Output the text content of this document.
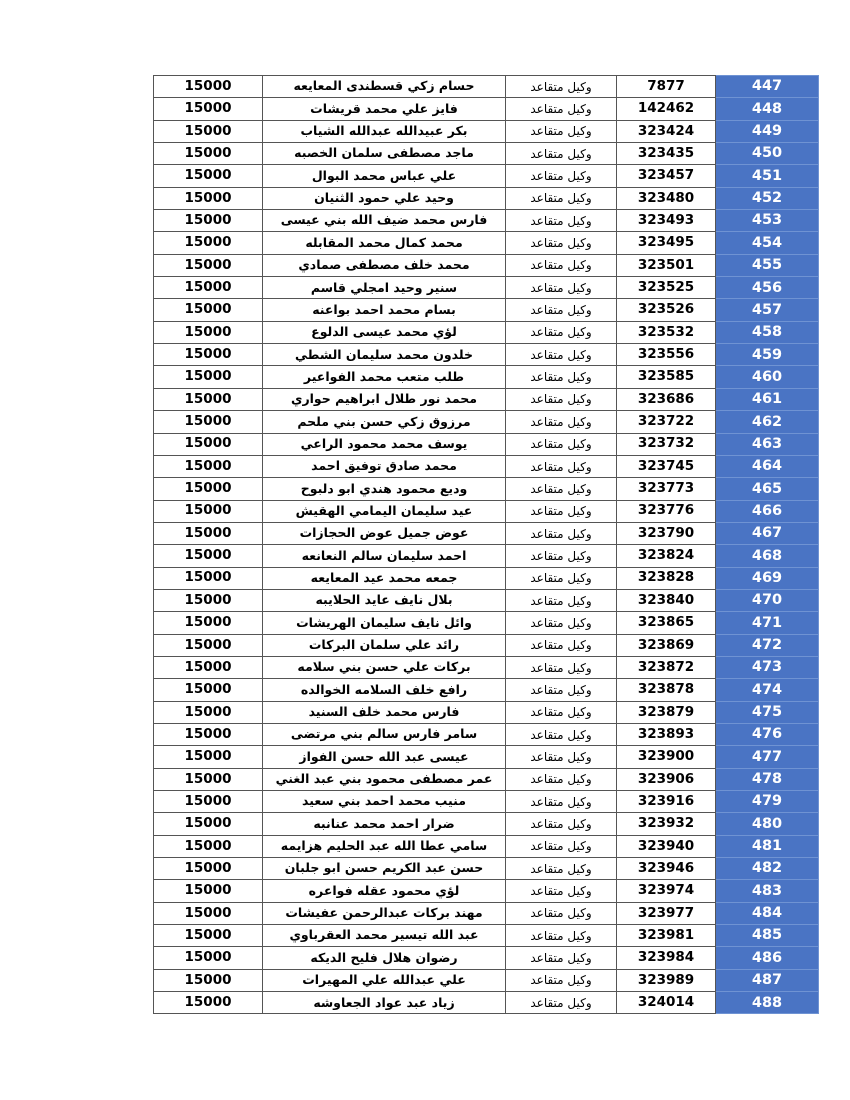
15000	حسام زكي قسطندى المعايعه	وكيل متقاعد	7877	447
15000	فايز علي محمد قريشات	وكيل متقاعد	142462	448
15000	بكر عبيدالله عبدالله الشياب	وكيل متقاعد	323424	449
15000	ماجد مصطفى سلمان الخصبه	وكيل متقاعد	323435	450
15000	علي عباس محمد البوال	وكيل متقاعد	323457	451
15000	وحيد علي حمود الثنيان	وكيل متقاعد	323480	452
15000	فارس محمد ضيف الله بني عيسى	وكيل متقاعد	323493	453
15000	محمد كمال محمد المقابله	وكيل متقاعد	323495	454
15000	محمد خلف مصطفى صمادي	وكيل متقاعد	323501	455
15000	سنير وحيد امجلي قاسم	وكيل متقاعد	323525	456
15000	بسام محمد احمد بواعنه	وكيل متقاعد	323526	457
15000	لؤي محمد عيسى الدلوع	وكيل متقاعد	323532	458
15000	خلدون محمد سليمان الشطي	وكيل متقاعد	323556	459
15000	طلب متعب محمد الفواعير	وكيل متقاعد	323585	460
15000	محمد نور طلال ابراهيم حواري	وكيل متقاعد	323686	461
15000	مرزوق زكي حسن بني ملحم	وكيل متقاعد	323722	462
15000	يوسف محمد محمود الراعي	وكيل متقاعد	323732	463
15000	محمد صادق توفيق احمد	وكيل متقاعد	323745	464
15000	وديع محمود هندي ابو دلبوح	وكيل متقاعد	323773	465
15000	عيد سليمان اليمامي الهقيش	وكيل متقاعد	323776	466
15000	عوض جميل عوض الحجازات	وكيل متقاعد	323790	467
15000	احمد سليمان سالم النعانعه	وكيل متقاعد	323824	468
15000	جمعه محمد عيد المعايعه	وكيل متقاعد	323828	469
15000	بلال نايف عايد الحلايبه	وكيل متقاعد	323840	470
15000	وائل نايف سليمان الهريشات	وكيل متقاعد	323865	471
15000	رائد علي سلمان البركات	وكيل متقاعد	323869	472
15000	بركات علي حسن بني سلامه	وكيل متقاعد	323872	473
15000	رافع خلف السلامه الخوالده	وكيل متقاعد	323878	474
15000	فارس محمد خلف السنيد	وكيل متقاعد	323879	475
15000	سامر فارس سالم بني مرتضى	وكيل متقاعد	323893	476
15000	عيسى عبد الله حسن الفواز	وكيل متقاعد	323900	477
15000	عمر مصطفى محمود بني عبد الغني	وكيل متقاعد	323906	478
15000	منيب محمد احمد بني سعيد	وكيل متقاعد	323916	479
15000	ضرار احمد محمد عنانبه	وكيل متقاعد	323932	480
15000	سامي عطا الله عبد الحليم هزايمه	وكيل متقاعد	323940	481
15000	حسن عبد الكريم حسن ابو جلبان	وكيل متقاعد	323946	482
15000	لؤي محمود عقله فواعره	وكيل متقاعد	323974	483
15000	مهند بركات عبدالرحمن عفيشات	وكيل متقاعد	323977	484
15000	عبد الله تيسير محمد العقرباوي	وكيل متقاعد	323981	485
15000	رضوان هلال فليح الديكه	وكيل متقاعد	323984	486
15000	علي عبدالله علي المهيرات	وكيل متقاعد	323989	487
15000	زياد عبد عواد الجعاوشه	وكيل متقاعد	324014	488
